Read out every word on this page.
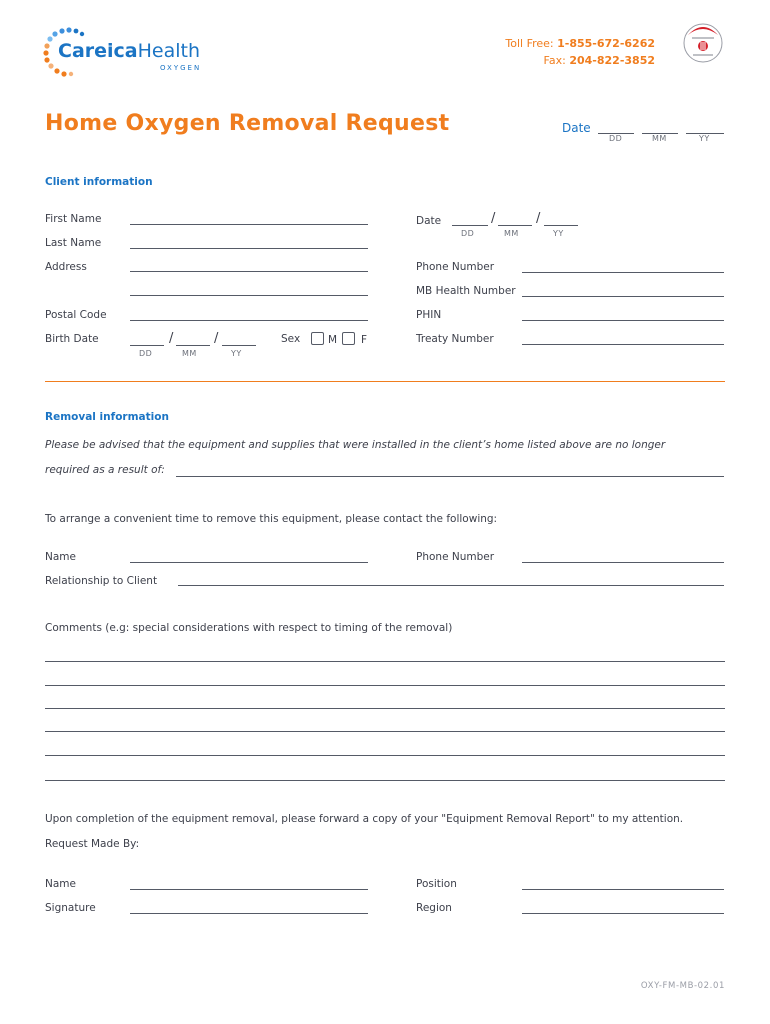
CareicaHealth
OXYGEN
Toll Free: 1-855-672-6262
Fax: 204-822-3852
Home Oxygen Removal Request	Date
DD	MM	YY
Client information
First Name
Last Name
Address
Postal Code
Birth Date	/	/
DD	MM	YY
Sex	M F
Date	/	/
DD	MM	YY
Phone Number
MB Health Number
PHIN
Treaty Number
Removal information
Please be advised that the equipment and supplies that were installed in the client’s home listed above are no longer
required as a result of:
To arrange a convenient time to remove this equipment, please contact the following:
Name	Phone Number
Relationship to Client
Comments (e.g: special considerations with respect to timing of the removal)
Upon completion of the equipment removal, please forward a copy of your "Equipment Removal Report" to my attention.
Request Made By:
Name	Position
Signature	Region
OXY-FM-MB-02.01
